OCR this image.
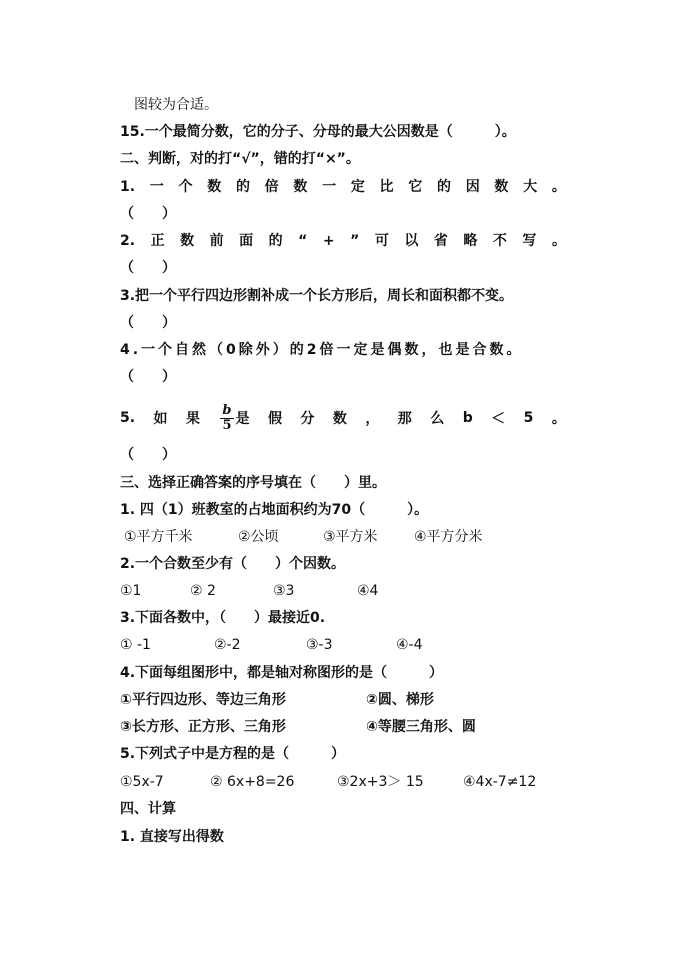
图较为合适。
15.一个最简分数，它的分子、分母的最大公因数是（　　　）。
二、判断，对的打“√”，错的打“×”。
1. 一 个 数 的 倍 数 一 定 比 它 的 因 数 大 。
（　　）
2. 正 数 前 面 的 “ + ” 可 以 省 略 不 写 。
（　　）
3.把一个平行四边形割补成一个长方形后，周长和面积都不变。
（　　）
4.一个自然（0除外）的2倍一定是偶数，也是合数。
（　　）
5. 如 果 $\frac{b}{5}$ 是 假 分 数 ， 那 么 b ＜ 5 。
（　　）
三、选择正确答案的序号填在（　　）里。
1. 四（1）班教室的占地面积约为70（　　　）。
①平方千米	②公顷	③平方米	④平方分米
2.一个合数至少有（　　）个因数。
①1	② 2	③3	④4
3.下面各数中，（　　）最接近0.
① -1	②-2	③-3	④-4
4.下面每组图形中，都是轴对称图形的是（　　　）
①平行四边形、等边三角形	②圆、梯形
③长方形、正方形、三角形	④等腰三角形、圆
5.下列式子中是方程的是（　　　）
①5x-7	② 6x+8=26	③2x+3＞ 15	④4x-7≠12
四、计算
1. 直接写出得数
